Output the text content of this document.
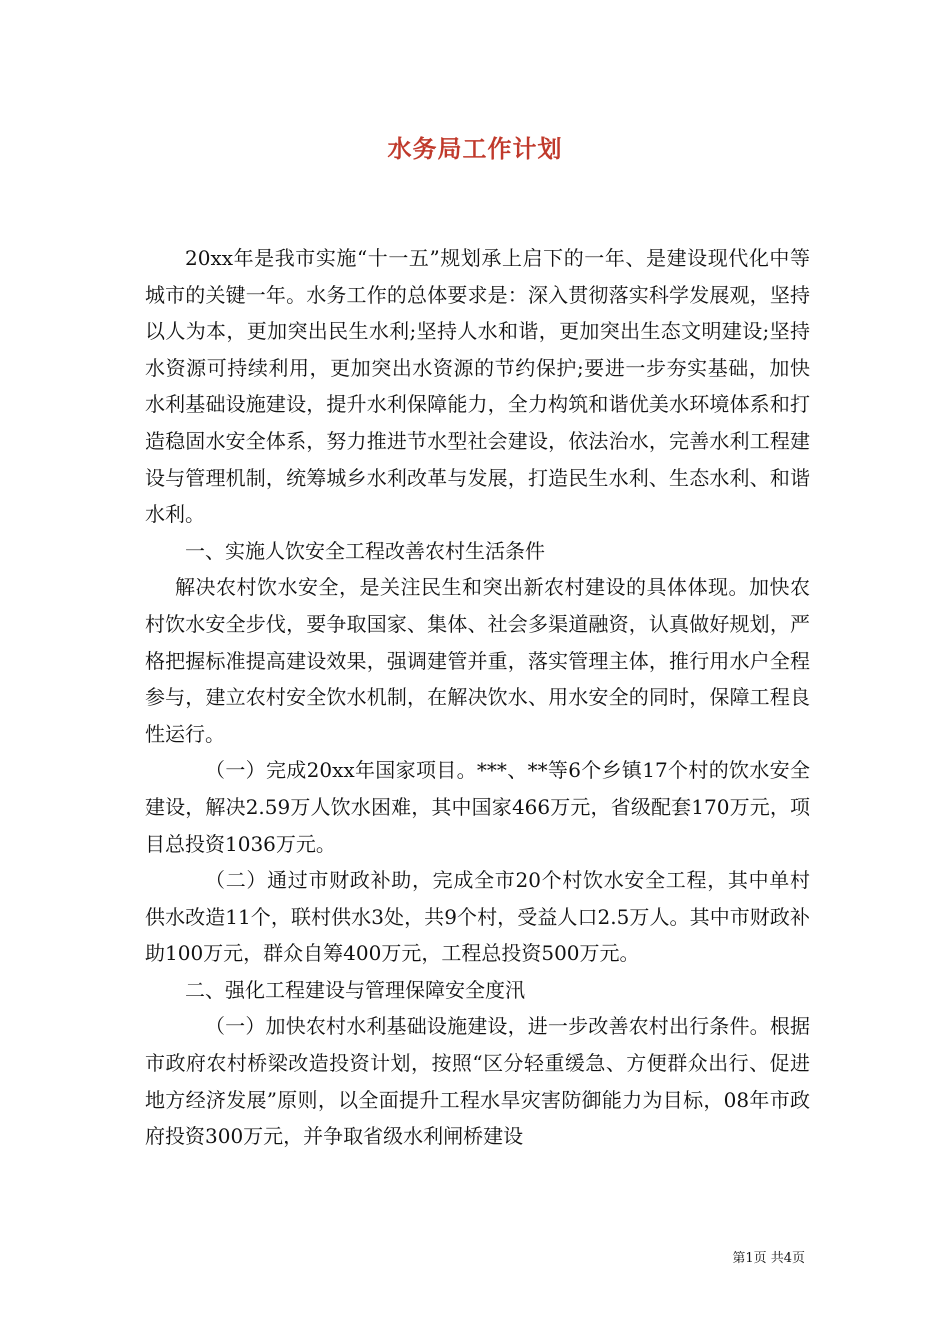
水务局工作计划

20xx年是我市实施“十一五”规划承上启下的一年、是建设现代化中等城市的关键一年。水务工作的总体要求是：深入贯彻落实科学发展观，坚持以人为本，更加突出民生水利;坚持人水和谐，更加突出生态文明建设;坚持水资源可持续利用，更加突出水资源的节约保护;要进一步夯实基础，加快水利基础设施建设，提升水利保障能力，全力构筑和谐优美水环境体系和打造稳固水安全体系，努力推进节水型社会建设，依法治水，完善水利工程建设与管理机制，统筹城乡水利改革与发展，打造民生水利、生态水利、和谐水利。

一、实施人饮安全工程改善农村生活条件

解决农村饮水安全，是关注民生和突出新农村建设的具体体现。加快农村饮水安全步伐，要争取国家、集体、社会多渠道融资，认真做好规划，严格把握标准提高建设效果，强调建管并重，落实管理主体，推行用水户全程参与，建立农村安全饮水机制，在解决饮水、用水安全的同时，保障工程良性运行。

（一）完成20xx年国家项目。***、**等6个乡镇17个村的饮水安全建设，解决2.59万人饮水困难，其中国家466万元，省级配套170万元，项目总投资1036万元。

（二）通过市财政补助，完成全市20个村饮水安全工程，其中单村供水改造11个，联村供水3处，共9个村，受益人口2.5万人。其中市财政补助100万元，群众自筹400万元，工程总投资500万元。

二、强化工程建设与管理保障安全度汛

（一）加快农村水利基础设施建设，进一步改善农村出行条件。根据市政府农村桥梁改造投资计划，按照“区分轻重缓急、方便群众出行、促进地方经济发展”原则，以全面提升工程水旱灾害防御能力为目标，08年市政府投资300万元，并争取省级水利闸桥建设

第1页 共4页
